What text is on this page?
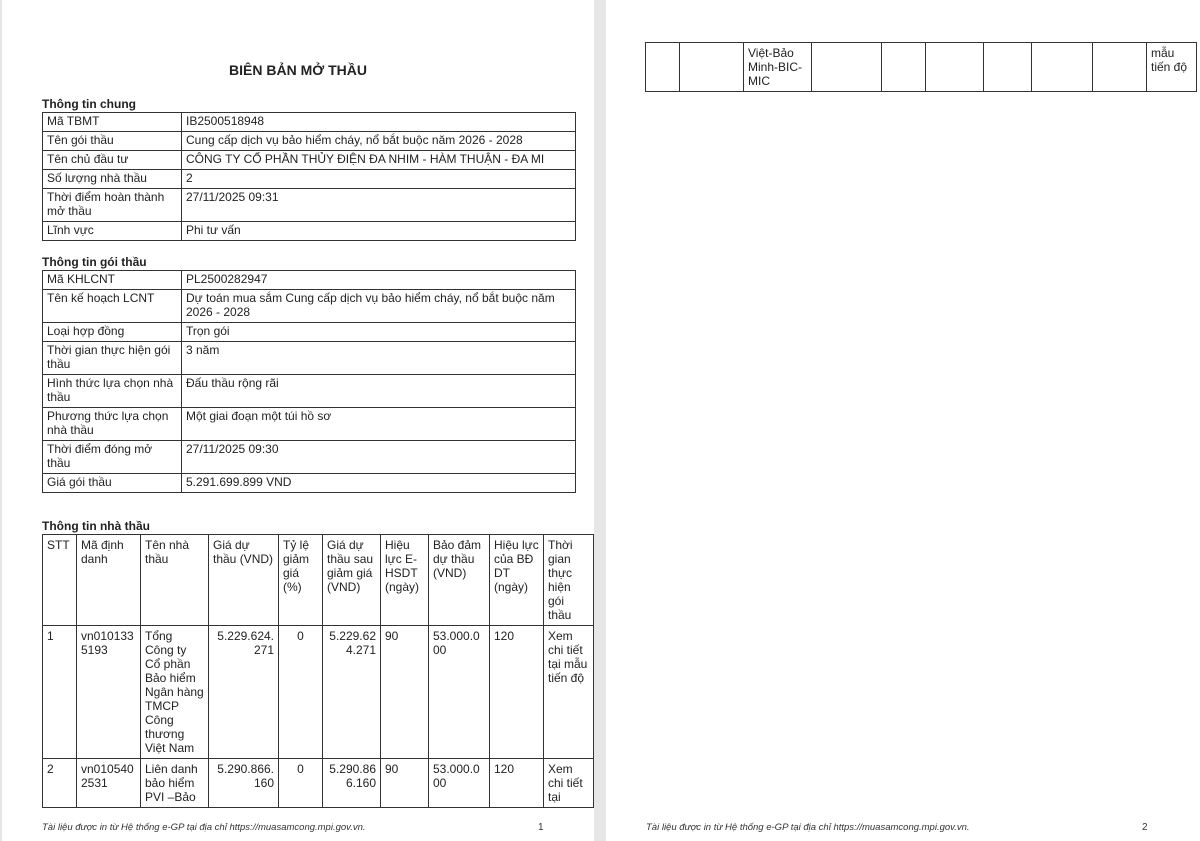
BIÊN BẢN MỞ THẦU
Thông tin chung
Mã TBMT	IB2500518948
Tên gói thầu	Cung cấp dịch vụ bảo hiểm cháy, nổ bắt buộc năm 2026 - 2028
Tên chủ đầu tư	CÔNG TY CỔ PHẦN THỦY ĐIỆN ĐA NHIM - HÀM THUẬN - ĐA MI
Số lượng nhà thầu	2
Thời điểm hoàn thành mở thầu	27/11/2025 09:31
Lĩnh vực	Phi tư vấn
Thông tin gói thầu
Mã KHLCNT	PL2500282947
Tên kế hoạch LCNT	Dự toán mua sắm Cung cấp dịch vụ bảo hiểm cháy, nổ bắt buộc năm 2026 - 2028
Loại hợp đồng	Trọn gói
Thời gian thực hiện gói thầu	3 năm
Hình thức lựa chọn nhà thầu	Đấu thầu rộng rãi
Phương thức lựa chọn nhà thầu	Một giai đoạn một túi hồ sơ
Thời điểm đóng mở thầu	27/11/2025 09:30
Giá gói thầu	5.291.699.899 VND
Thông tin nhà thầu
STT	Mã định danh	Tên nhà thầu	Giá dự thầu (VND)	Tỷ lệ giảm giá (%)	Giá dự thầu sau giảm giá (VND)	Hiệu lực E-HSDT (ngày)	Bảo đảm dự thầu (VND)	Hiệu lực của BĐ DT (ngày)	Thời gian thực hiện gói thầu
1	vn0101335193	Tổng Công ty Cổ phần Bảo hiểm Ngân hàng TMCP Công thương Việt Nam	5.229.624.271	0	5.229.624.271	90	53.000.000	120	Xem chi tiết tại mẫu tiến độ
2	vn0105402531	Liên danh bảo hiểm PVI –Bảo	5.290.866.160	0	5.290.866.160	90	53.000.000	120	Xem chi tiết tại

Tài liệu được in từ Hệ thống e-GP tại địa chỉ https://muasamcong.mpi.gov.vn.	1

		Việt-Bảo Minh-BIC-MIC							mẫu tiến độ

Tài liệu được in từ Hệ thống e-GP tại địa chỉ https://muasamcong.mpi.gov.vn.	2
